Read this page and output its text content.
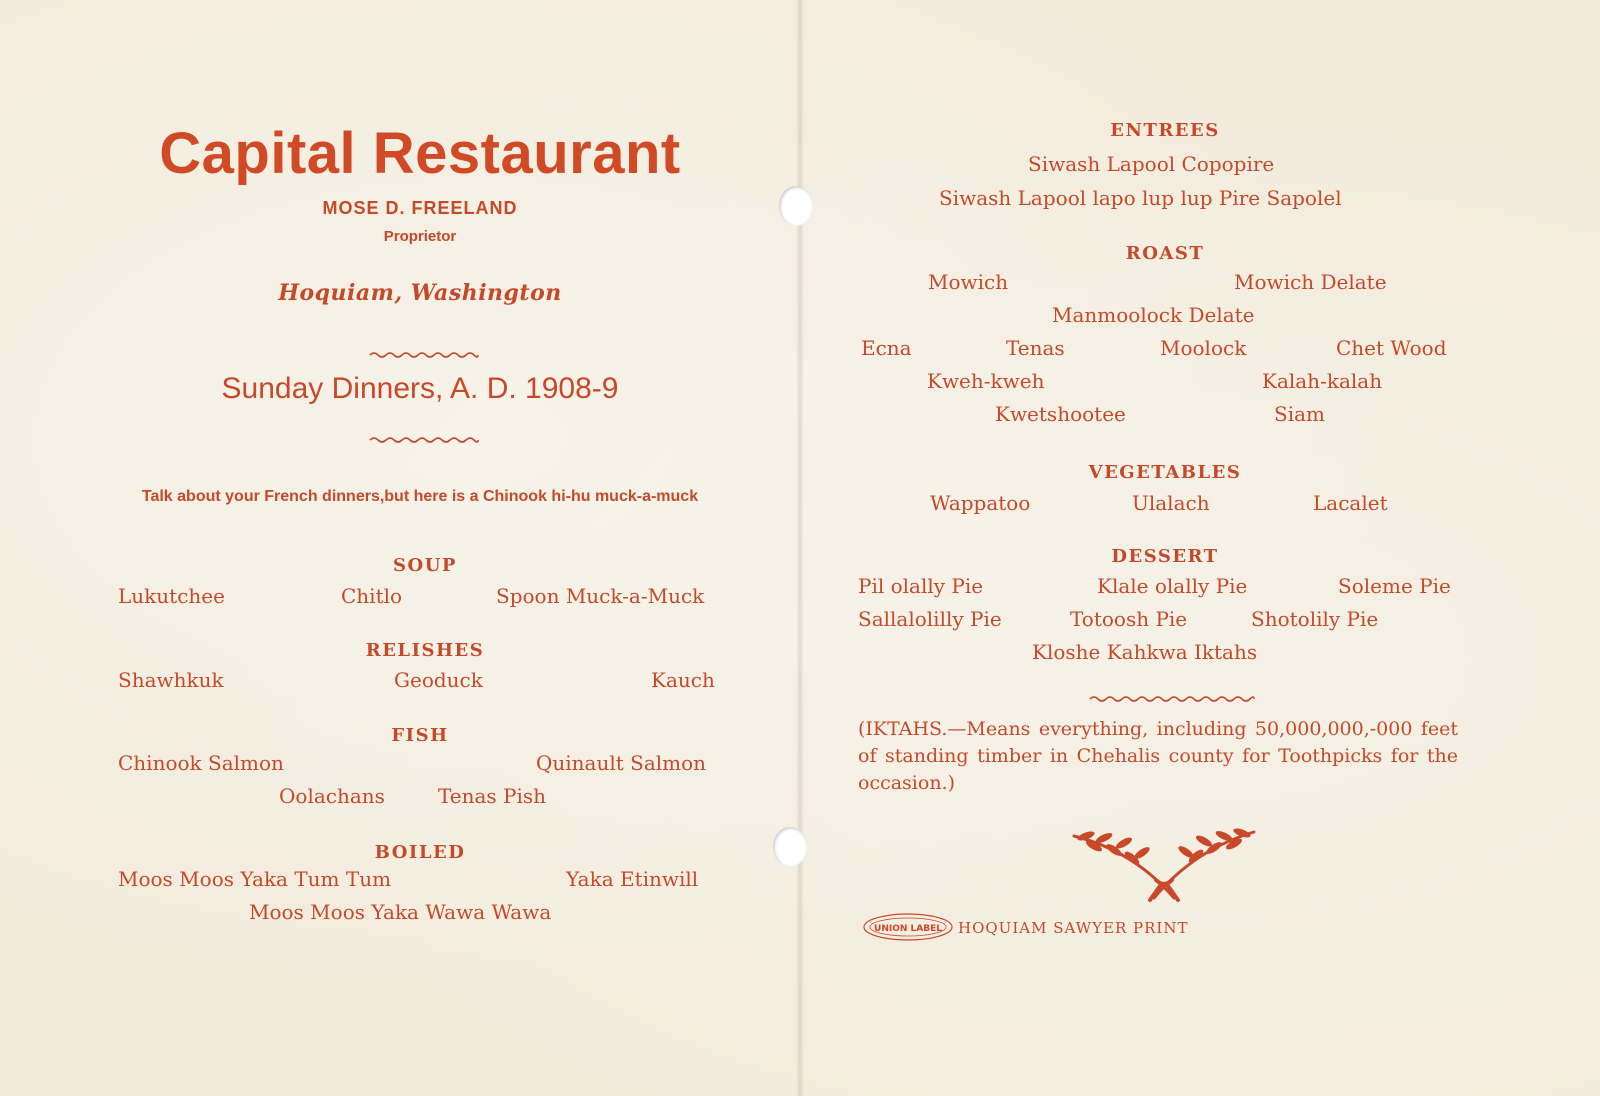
Capital Restaurant
MOSE D. FREELAND
Proprietor
Hoquiam, Washington
Sunday Dinners, A. D. 1908-9
Talk about your French dinners,but here is a Chinook hi-hu muck-a-muck
SOUP
Lukutchee	Chitlo	Spoon Muck-a-Muck
RELISHES
Shawhkuk	Geoduck	Kauch
FISH
Chinook Salmon	Quinault Salmon
Oolachans	Tenas Pish
BOILED
Moos Moos Yaka Tum Tum	Yaka Etinwill
Moos Moos Yaka Wawa Wawa
ENTREES
Siwash Lapool Copopire
Siwash Lapool lapo lup lup Pire Sapolel
ROAST
Mowich	Mowich Delate
Manmoolock Delate
Ecna	Tenas	Moolock	Chet Wood
Kweh-kweh	Kalah-kalah
Kwetshootee	Siam
VEGETABLES
Wappatoo	Ulalach	Lacalet
DESSERT
Pil olally Pie	Klale olally Pie	Soleme Pie
Sallalolilly Pie	Totoosh Pie	Shotolily Pie
Kloshe Kahkwa Iktahs
(IKTAHS.—Means everything, including 50,000,000,-000 feet of standing timber in Chehalis county for Toothpicks for the occasion.)
UNION LABEL HOQUIAM SAWYER PRINT
